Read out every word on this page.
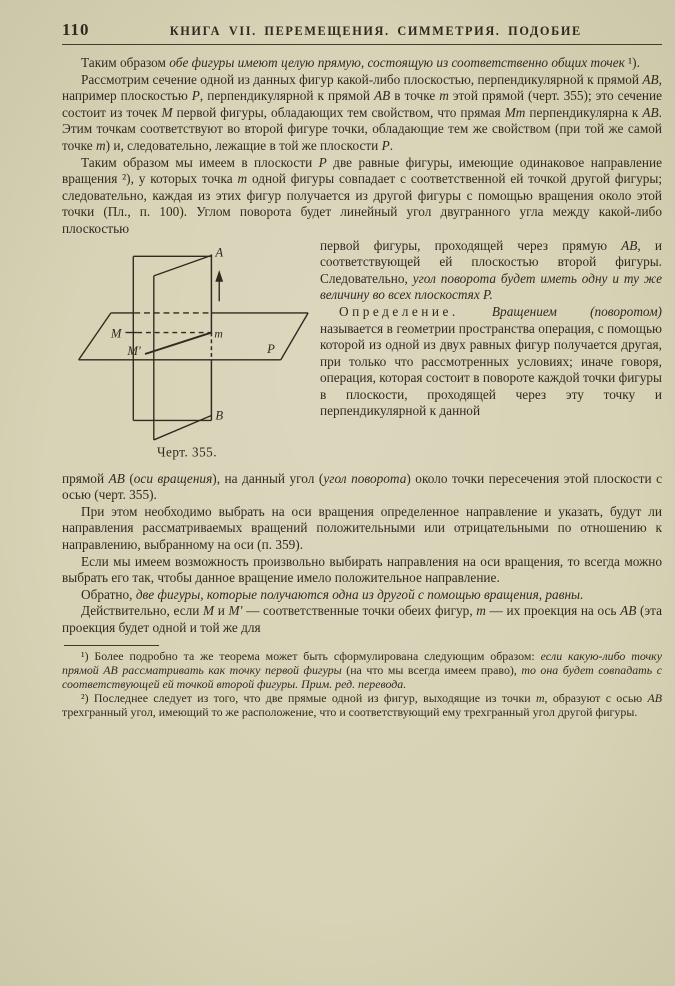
110	КНИГА VII. ПЕРЕМЕЩЕНИЯ. СИММЕТРИЯ. ПОДОБИЕ

Таким образом обе фигуры имеют целую прямую, состоящую из соответственно общих точек ¹).

Рассмотрим сечение одной из данных фигур какой-либо плоскостью, перпендикулярной к прямой AB, например плоскостью P, перпендикулярной к прямой AB в точке m этой прямой (черт. 355); это сечение состоит из точек M первой фигуры, обладающих тем свойством, что прямая Mm перпендикулярна к AB. Этим точкам соответствуют во второй фигуре точки, обладающие тем же свойством (при той же самой точке m) и, следовательно, лежащие в той же плоскости P.

Таким образом мы имеем в плоскости P две равные фигуры, имеющие одинаковое направление вращения ²), у которых точка m одной фигуры совпадает с соответственной ей точкой другой фигуры; следовательно, каждая из этих фигур получается из другой фигуры с помощью вращения около этой точки (Пл., п. 100). Углом поворота будет линейный угол двугранного угла между какой-либо плоскостью

A
B
M
M'
m
P
Черт. 355.

первой фигуры, проходящей через прямую AB, и соответствующей ей плоскостью второй фигуры. Следовательно, угол поворота будет иметь одну и ту же величину во всех плоскостях P.

Определение. Вращением (поворотом) называется в геометрии пространства операция, с помощью которой из одной из двух равных фигур получается другая, при только что рассмотренных условиях; иначе говоря, операция, которая состоит в повороте каждой точки фигуры в плоскости, проходящей через эту точку и перпендикулярной к данной

прямой AB (оси вращения), на данный угол (угол поворота) около точки пересечения этой плоскости с осью (черт. 355).

При этом необходимо выбрать на оси вращения определенное направление и указать, будут ли направления рассматриваемых вращений положительными или отрицательными по отношению к направлению, выбранному на оси (п. 359).

Если мы имеем возможность произвольно выбирать направления на оси вращения, то всегда можно выбрать его так, чтобы данное вращение имело положительное направление.

Обратно, две фигуры, которые получаются одна из другой с помощью вращения, равны.

Действительно, если M и M' — соответственные точки обеих фигур, m — их проекция на ось AB (эта проекция будет одной и той же для

¹) Более подробно та же теорема может быть сформулирована следующим образом: если какую-либо точку прямой AB рассматривать как точку первой фигуры (на что мы всегда имеем право), то она будет совпадать с соответствующей ей точкой второй фигуры. Прим. ред. перевода.

²) Последнее следует из того, что две прямые одной из фигур, выходящие из точки m, образуют с осью AB трехгранный угол, имеющий то же расположение, что и соответствующий ему трехгранный угол другой фигуры.
